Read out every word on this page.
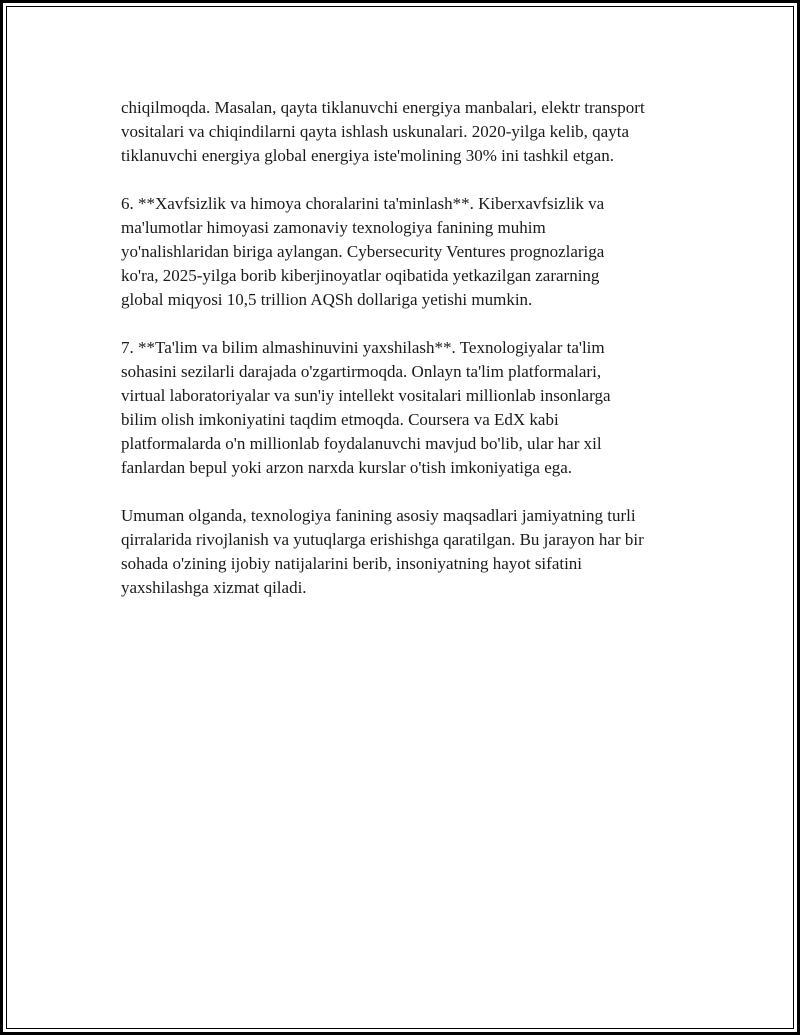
chiqilmoqda. Masalan, qayta tiklanuvchi energiya manbalari, elektr transport
vositalari va chiqindilarni qayta ishlash uskunalari. 2020-yilga kelib, qayta
tiklanuvchi energiya global energiya iste'molining 30% ini tashkil etgan.

6. **Xavfsizlik va himoya choralarini ta'minlash**. Kiberxavfsizlik va
ma'lumotlar himoyasi zamonaviy texnologiya fanining muhim
yo'nalishlaridan biriga aylangan. Cybersecurity Ventures prognozlariga
ko'ra, 2025-yilga borib kiberjinoyatlar oqibatida yetkazilgan zararning
global miqyosi 10,5 trillion AQSh dollariga yetishi mumkin.

7. **Ta'lim va bilim almashinuvini yaxshilash**. Texnologiyalar ta'lim
sohasini sezilarli darajada o'zgartirmoqda. Onlayn ta'lim platformalari,
virtual laboratoriyalar va sun'iy intellekt vositalari millionlab insonlarga
bilim olish imkoniyatini taqdim etmoqda. Coursera va EdX kabi
platformalarda o'n millionlab foydalanuvchi mavjud bo'lib, ular har xil
fanlardan bepul yoki arzon narxda kurslar o'tish imkoniyatiga ega.

Umuman olganda, texnologiya fanining asosiy maqsadlari jamiyatning turli
qirralarida rivojlanish va yutuqlarga erishishga qaratilgan. Bu jarayon har bir
sohada o'zining ijobiy natijalarini berib, insoniyatning hayot sifatini
yaxshilashga xizmat qiladi.
